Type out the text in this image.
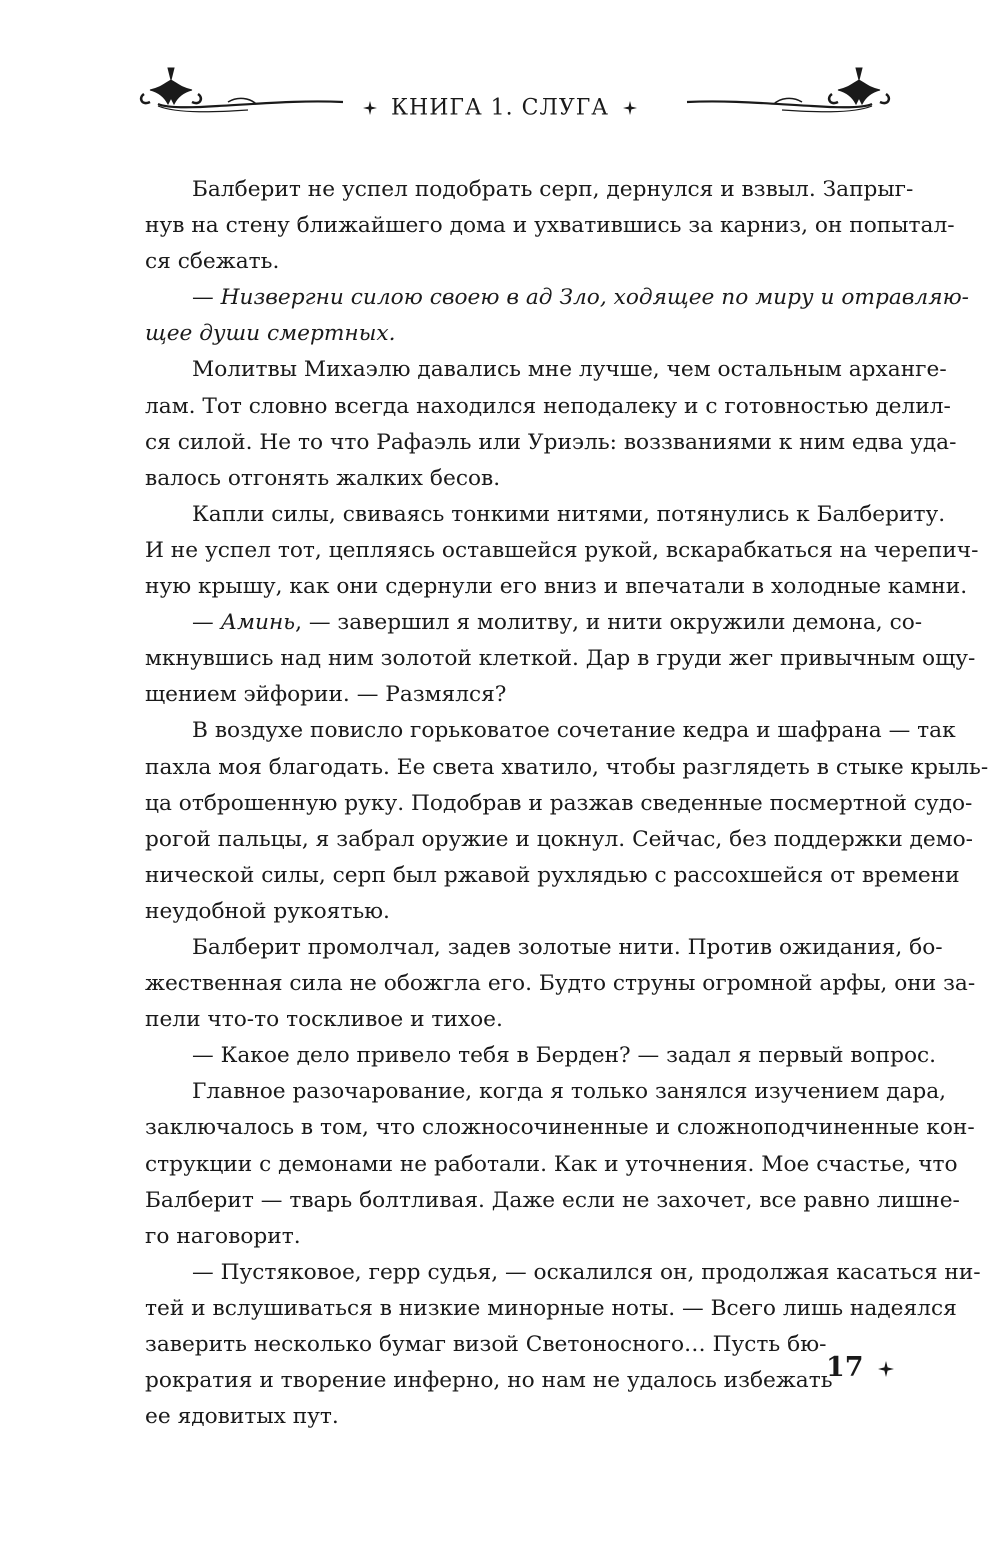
КНИГА 1. СЛУГА
Балберит не успел подобрать серп, дернулся и взвыл. Запрыг-
нув на стену ближайшего дома и ухватившись за карниз, он попытал-
ся сбежать.
— Низвергни силою своею в ад Зло, ходящее по миру и отравляю-
щее души смертных.
Молитвы Михаэлю давались мне лучше, чем остальным арханге-
лам. Тот словно всегда находился неподалеку и с готовностью делил-
ся силой. Не то что Рафаэль или Уриэль: воззваниями к ним едва уда-
валось отгонять жалких бесов.
Капли силы, свиваясь тонкими нитями, потянулись к Балбериту.
И не успел тот, цепляясь оставшейся рукой, вскарабкаться на черепич-
ную крышу, как они сдернули его вниз и впечатали в холодные камни.
— Аминь, — завершил я молитву, и нити окружили демона, со-
мкнувшись над ним золотой клеткой. Дар в груди жег привычным ощу-
щением эйфории. — Размялся?
В воздухе повисло горьковатое сочетание кедра и шафрана — так
пахла моя благодать. Ее света хватило, чтобы разглядеть в стыке крыль-
ца отброшенную руку. Подобрав и разжав сведенные посмертной судо-
рогой пальцы, я забрал оружие и цокнул. Сейчас, без поддержки демо-
нической силы, серп был ржавой рухлядью с рассохшейся от времени
неудобной рукоятью.
Балберит промолчал, задев золотые нити. Против ожидания, бо-
жественная сила не обожгла его. Будто струны огромной арфы, они за-
пели что-то тоскливое и тихое.
— Какое дело привело тебя в Берден? — задал я первый вопрос.
Главное разочарование, когда я только занялся изучением дара,
заключалось в том, что сложносочиненные и сложноподчиненные кон-
струкции с демонами не работали. Как и уточнения. Мое счастье, что
Балберит — тварь болтливая. Даже если не захочет, все равно лишне-
го наговорит.
— Пустяковое, герр судья, — оскалился он, продолжая касаться ни-
тей и вслушиваться в низкие минорные ноты. — Всего лишь надеялся
заверить несколько бумаг визой Светоносного… Пусть бю-
рократия и творение инферно, но нам не удалось избежать
ее ядовитых пут.
17
